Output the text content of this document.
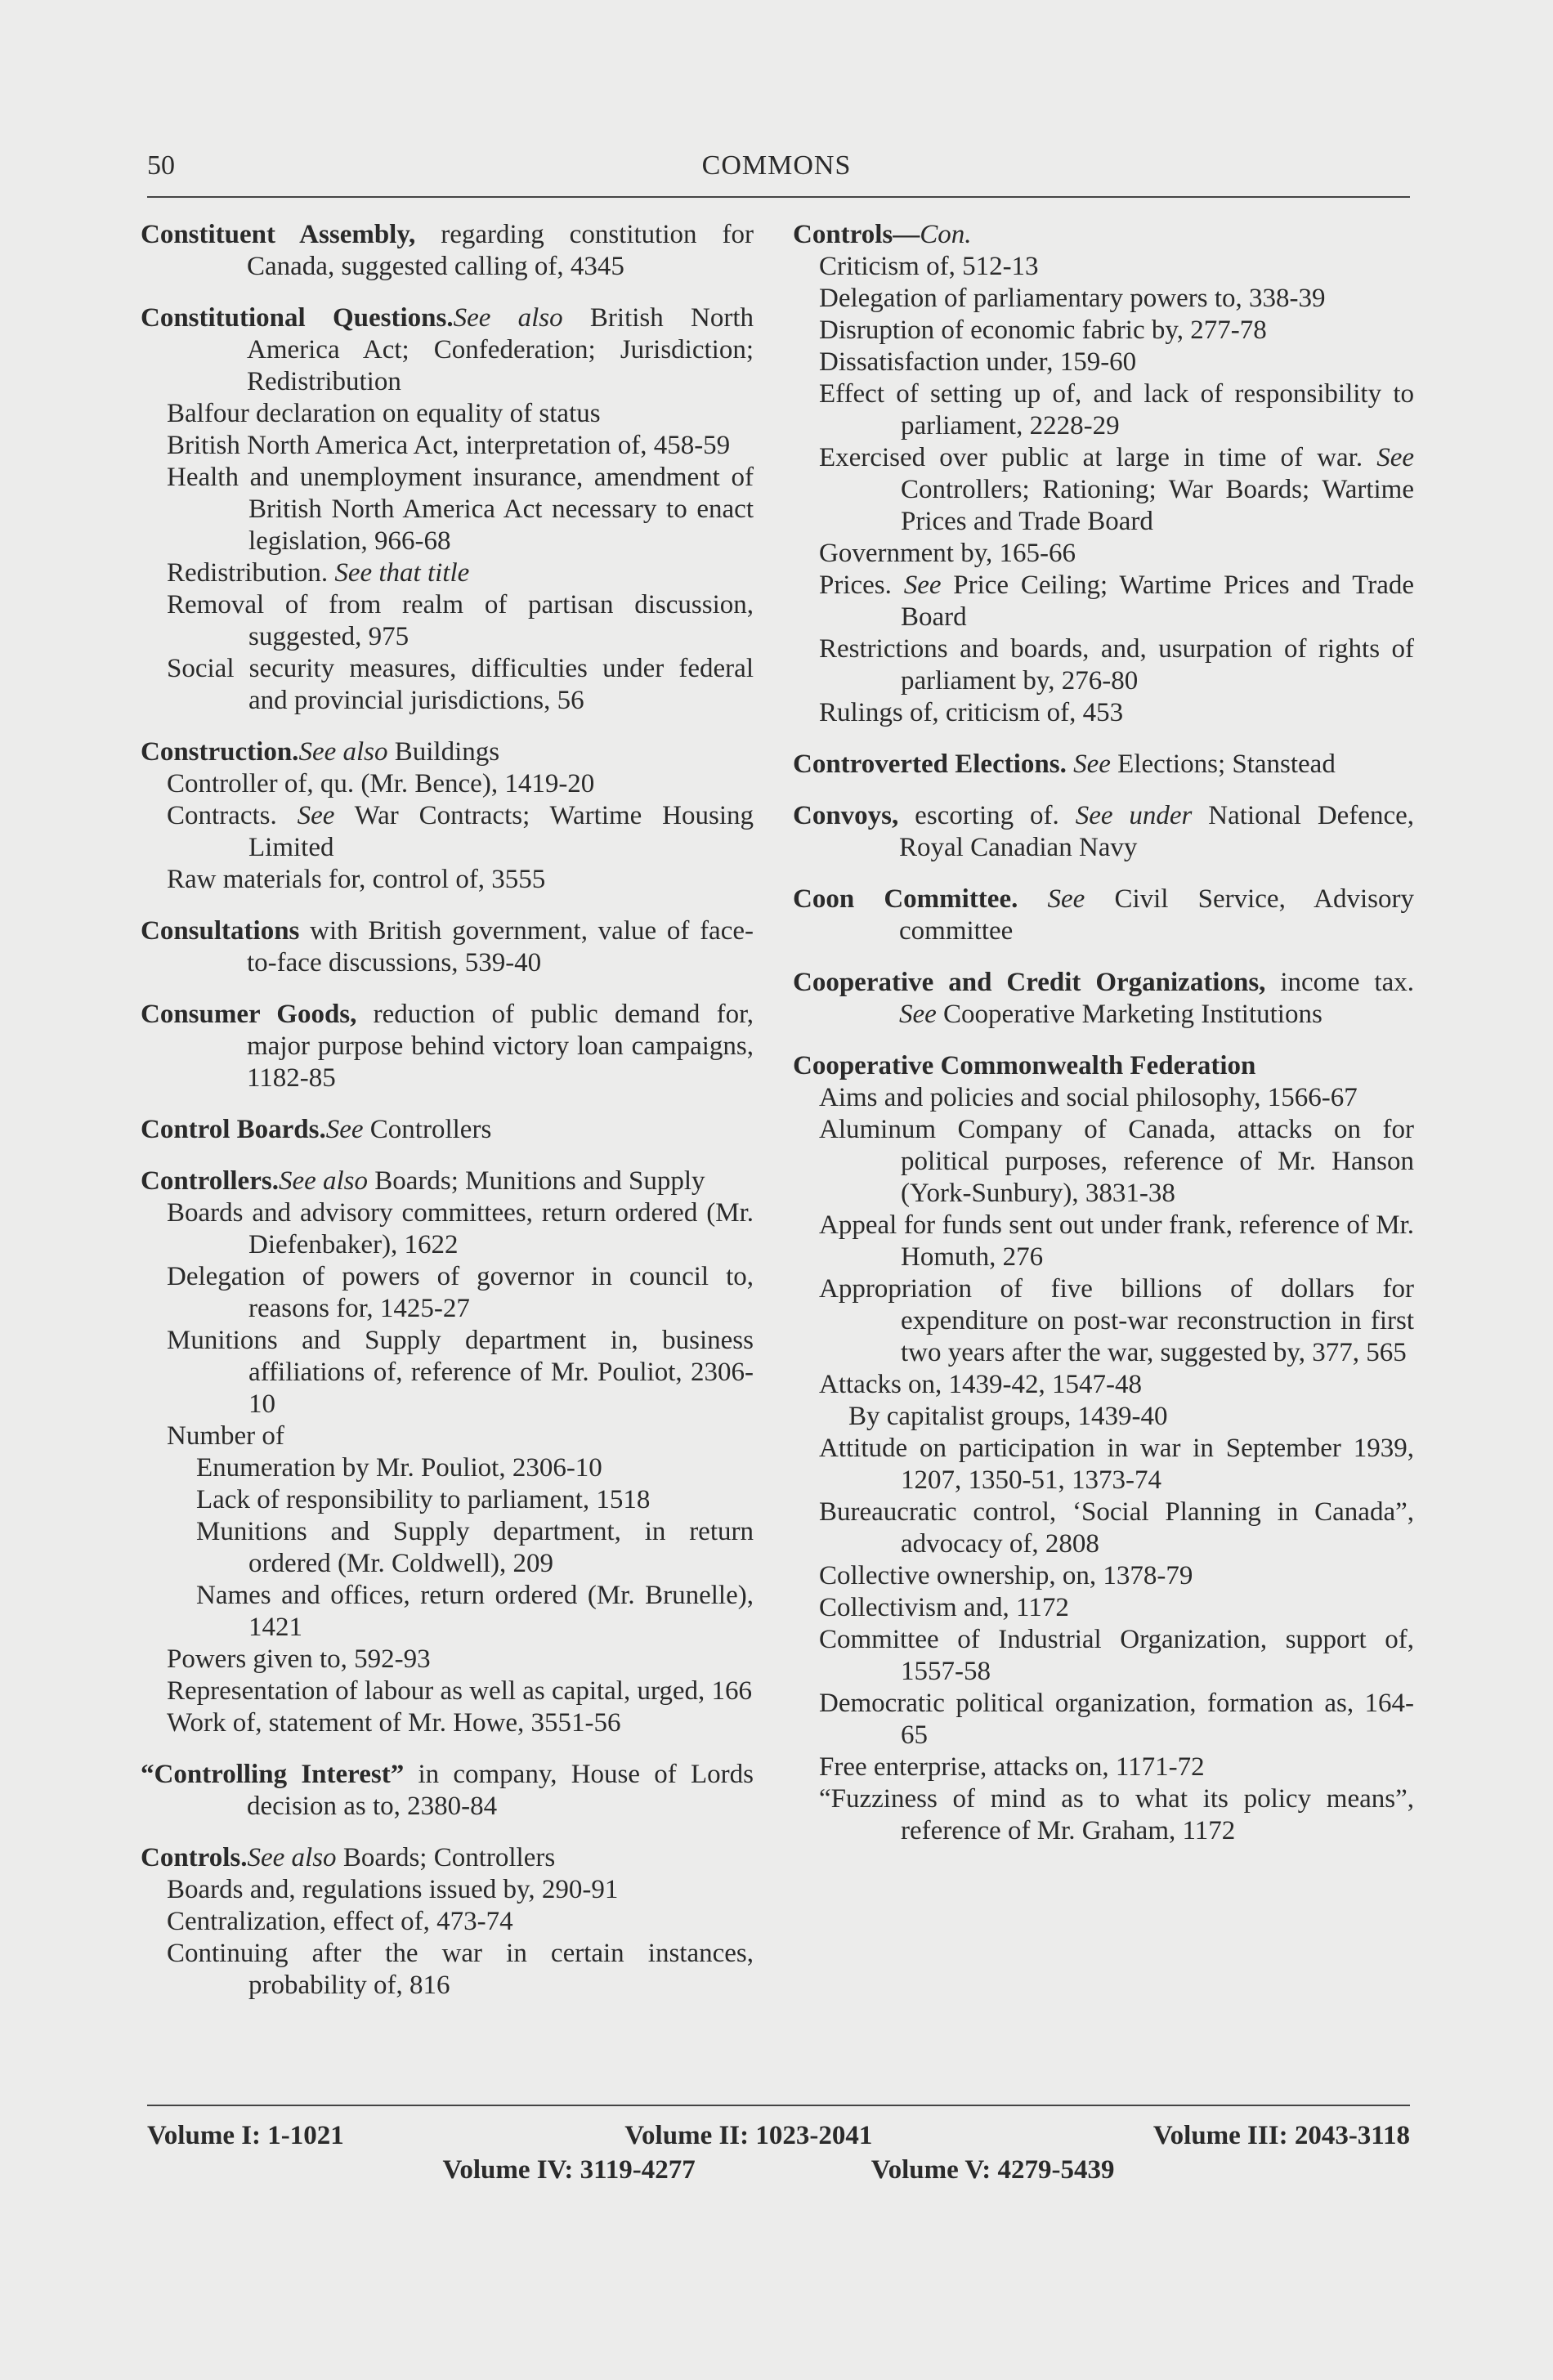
50	COMMONS
Constituent Assembly, regarding constitution for Canada, suggested calling of, 4345
Constitutional Questions.See also British North America Act; Confederation; Jurisdiction; Redistribution
Balfour declaration on equality of status
British North America Act, interpretation of, 458-59
Health and unemployment insurance, amendment of British North America Act necessary to enact legislation, 966-68
Redistribution. See that title
Removal of from realm of partisan discussion, suggested, 975
Social security measures, difficulties under federal and provincial jurisdictions, 56
Construction.See also Buildings
Controller of, qu. (Mr. Bence), 1419-20
Contracts. See War Contracts; Wartime Housing Limited
Raw materials for, control of, 3555
Consultations with British government, value of face-to-face discussions, 539-40
Consumer Goods, reduction of public demand for, major purpose behind victory loan campaigns, 1182-85
Control Boards.See Controllers
Controllers.See also Boards; Munitions and Supply
Boards and advisory committees, return ordered (Mr. Diefenbaker), 1622
Delegation of powers of governor in council to, reasons for, 1425-27
Munitions and Supply department in, business affiliations of, reference of Mr. Pouliot, 2306-10
Number of
Enumeration by Mr. Pouliot, 2306-10
Lack of responsibility to parliament, 1518
Munitions and Supply department, in return ordered (Mr. Coldwell), 209
Names and offices, return ordered (Mr. Brunelle), 1421
Powers given to, 592-93
Representation of labour as well as capital, urged, 166
Work of, statement of Mr. Howe, 3551-56
“Controlling Interest” in company, House of Lords decision as to, 2380-84
Controls.See also Boards; Controllers
Boards and, regulations issued by, 290-91
Centralization, effect of, 473-74
Continuing after the war in certain instances, probability of, 816
Controls—Con.
Criticism of, 512-13
Delegation of parliamentary powers to, 338-39
Disruption of economic fabric by, 277-78
Dissatisfaction under, 159-60
Effect of setting up of, and lack of responsibility to parliament, 2228-29
Exercised over public at large in time of war. See Controllers; Rationing; War Boards; Wartime Prices and Trade Board
Government by, 165-66
Prices. See Price Ceiling; Wartime Prices and Trade Board
Restrictions and boards, and, usurpation of rights of parliament by, 276-80
Rulings of, criticism of, 453
Controverted Elections. See Elections; Stanstead
Convoys, escorting of. See under National Defence, Royal Canadian Navy
Coon Committee. See Civil Service, Advisory committee
Cooperative and Credit Organizations, income tax. See Cooperative Marketing Institutions
Cooperative Commonwealth Federation
Aims and policies and social philosophy, 1566-67
Aluminum Company of Canada, attacks on for political purposes, reference of Mr. Hanson (York-Sunbury), 3831-38
Appeal for funds sent out under frank, reference of Mr. Homuth, 276
Appropriation of five billions of dollars for expenditure on post-war reconstruction in first two years after the war, suggested by, 377, 565
Attacks on, 1439-42, 1547-48
By capitalist groups, 1439-40
Attitude on participation in war in September 1939, 1207, 1350-51, 1373-74
Bureaucratic control, ‘Social Planning in Canada”, advocacy of, 2808
Collective ownership, on, 1378-79
Collectivism and, 1172
Committee of Industrial Organization, support of, 1557-58
Democratic political organization, formation as, 164-65
Free enterprise, attacks on, 1171-72
“Fuzziness of mind as to what its policy means”, reference of Mr. Graham, 1172
Volume I: 1-1021	Volume II: 1023-2041	Volume III: 2043-3118
Volume IV: 3119-4277	Volume V: 4279-5439
